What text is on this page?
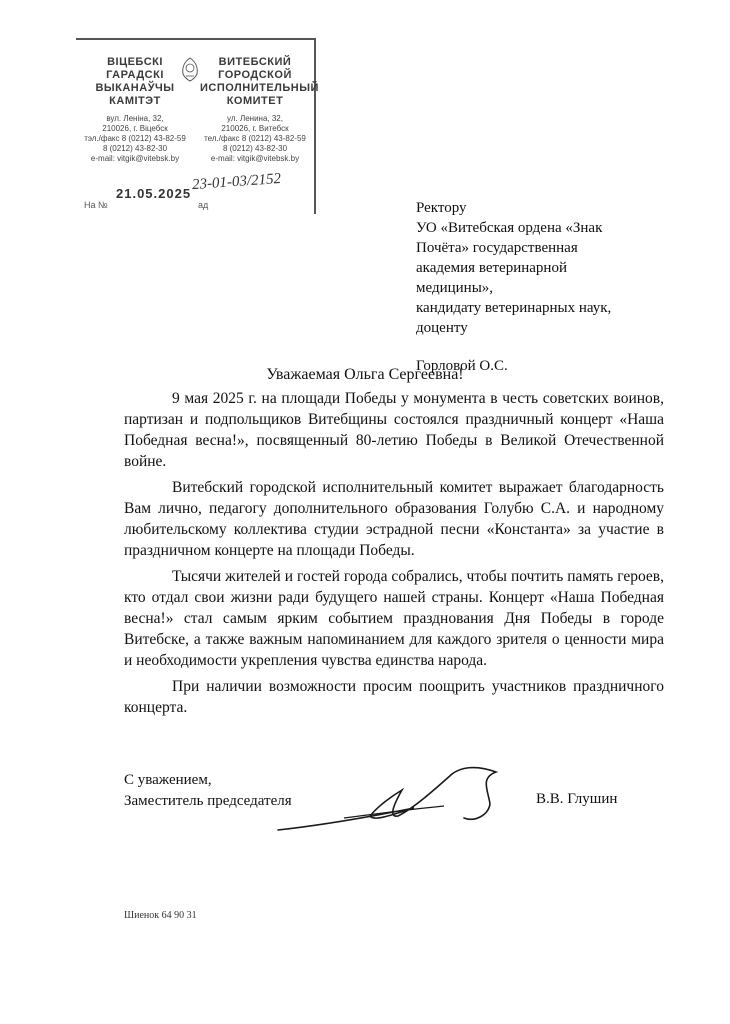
ВІЦЕБСКІ
ГАРАДСКІ
ВЫКАНАЎЧЫ
КАМІТЭТ
вул. Леніна, 32,
210026, г. Віцебск
тэл./факс 8 (0212) 43-82-59
8 (0212) 43-82-30
e-mail: vitgik@vitebsk.by
ВИТЕБСКИЙ
ГОРОДСКОЙ
ИСПОЛНИТЕЛЬНЫЙ
КОМИТЕТ
ул. Ленина, 32,
210026, г. Витебск
тел./факс 8 (0212) 43-82-59
8 (0212) 43-82-30
e-mail: vitgik@vitebsk.by
21.05.2025
23-01-03/2152
На №	ад	Ректору
УО «Витебская ордена «Знак
Почёта» государственная
академия ветеринарной
медицины»,
кандидату ветеринарных наук,
доценту
Горловой О.С.
Уважаемая Ольга Сергеевна!

9 мая 2025 г. на площади Победы у монумента в честь советских воинов, партизан и подпольщиков Витебщины состоялся праздничный концерт «Наша Победная весна!», посвященный 80-летию Победы в Великой Отечественной войне.

Витебский городской исполнительный комитет выражает благодарность Вам лично, педагогу дополнительного образования Голубю С.А. и народному любительскому коллектива студии эстрадной песни «Константа» за участие в праздничном концерте на площади Победы.

Тысячи жителей и гостей города собрались, чтобы почтить память героев, кто отдал свои жизни ради будущего нашей страны. Концерт «Наша Победная весна!» стал самым ярким событием празднования Дня Победы в городе Витебске, а также важным напоминанием для каждого зрителя о ценности мира и необходимости укрепления чувства единства народа.

При наличии возможности просим поощрить участников праздничного концерта.

С уважением,
Заместитель председателя	В.В. Глушин
Шиенок 64 90 31
